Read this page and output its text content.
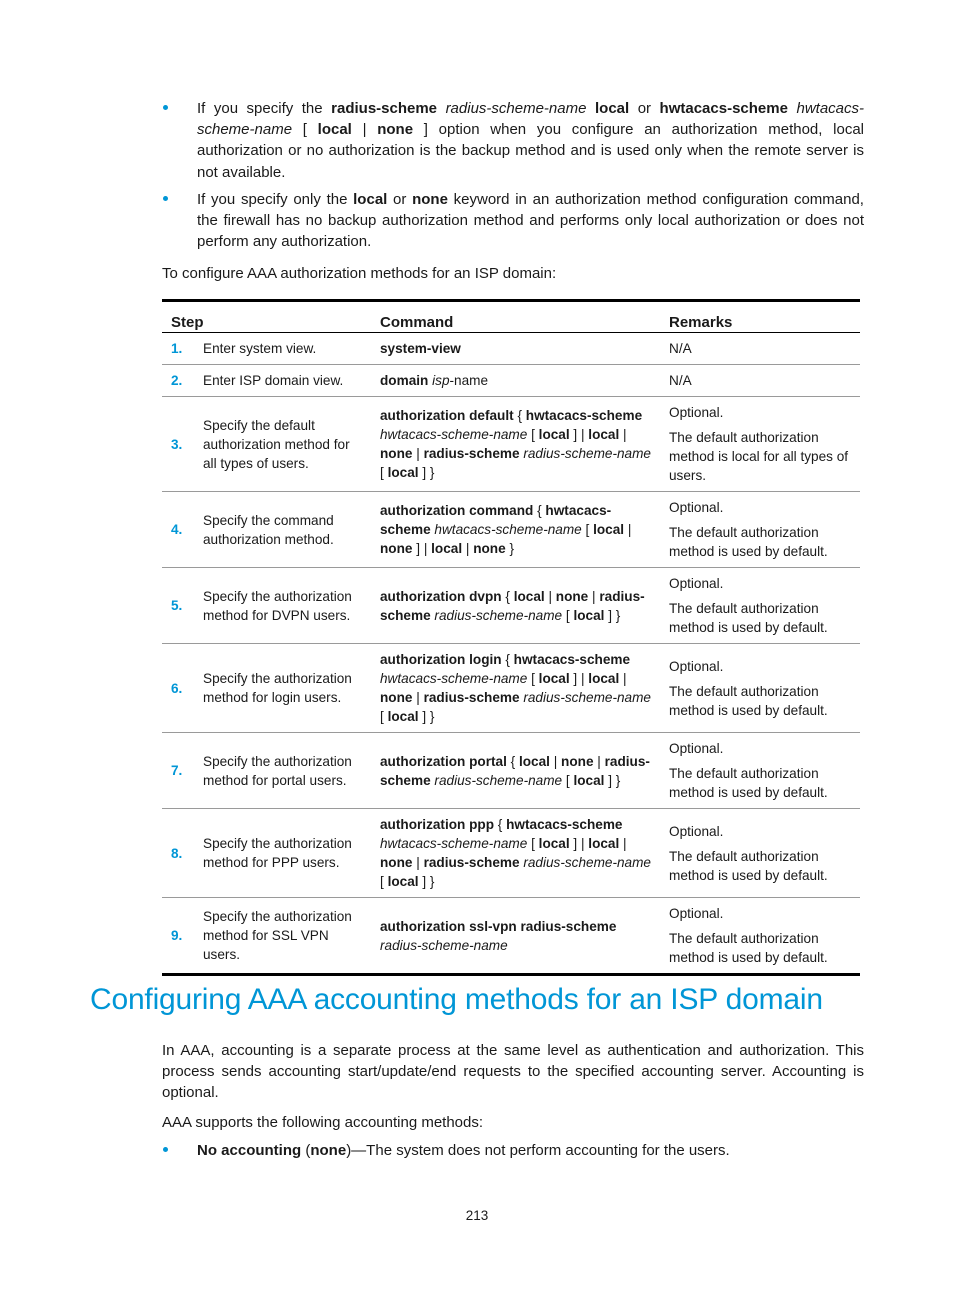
If you specify the radius-scheme radius-scheme-name local or hwtacacs-scheme hwtacacs-scheme-name [ local | none ] option when you configure an authorization method, local authorization or no authorization is the backup method and is used only when the remote server is not available.
If you specify only the local or none keyword in an authorization method configuration command, the firewall has no backup authorization method and performs only local authorization or does not perform any authorization.

To configure AAA authorization methods for an ISP domain:

Step		Command	Remarks
1.	Enter system view.	system-view	N/A

2.	Enter ISP domain view.	domain isp-name	N/A

3.	Specify the default authorization method for all types of users.	authorization default { hwtacacs-scheme hwtacacs-scheme-name [ local ] | local | none | radius-scheme radius-scheme-name [ local ] }	Optional.

The default authorization method is local for all types of users.

4.	Specify the command authorization method.	authorization command { hwtacacs-scheme hwtacacs-scheme-name [ local | none ] | local | none }	Optional.

The default authorization method is used by default.

5.	Specify the authorization method for DVPN users.	authorization dvpn { local | none | radius-scheme radius-scheme-name [ local ] }	Optional.

The default authorization method is used by default.

6.	Specify the authorization method for login users.	authorization login { hwtacacs-scheme hwtacacs-scheme-name [ local ] | local | none | radius-scheme radius-scheme-name [ local ] }	Optional.

The default authorization method is used by default.

7.	Specify the authorization method for portal users.	authorization portal { local | none | radius-scheme radius-scheme-name [ local ] }	Optional.

The default authorization method is used by default.

8.	Specify the authorization method for PPP users.	authorization ppp { hwtacacs-scheme hwtacacs-scheme-name [ local ] | local | none | radius-scheme radius-scheme-name [ local ] }	Optional.

The default authorization method is used by default.

9.	Specify the authorization method for SSL VPN users.	authorization ssl-vpn radius-scheme radius-scheme-name	Optional.

The default authorization method is used by default.

Configuring AAA accounting methods for an ISP domain

In AAA, accounting is a separate process at the same level as authentication and authorization. This process sends accounting start/update/end requests to the specified accounting server. Accounting is optional.

AAA supports the following accounting methods:

No accounting (none)—The system does not perform accounting for the users.
213
